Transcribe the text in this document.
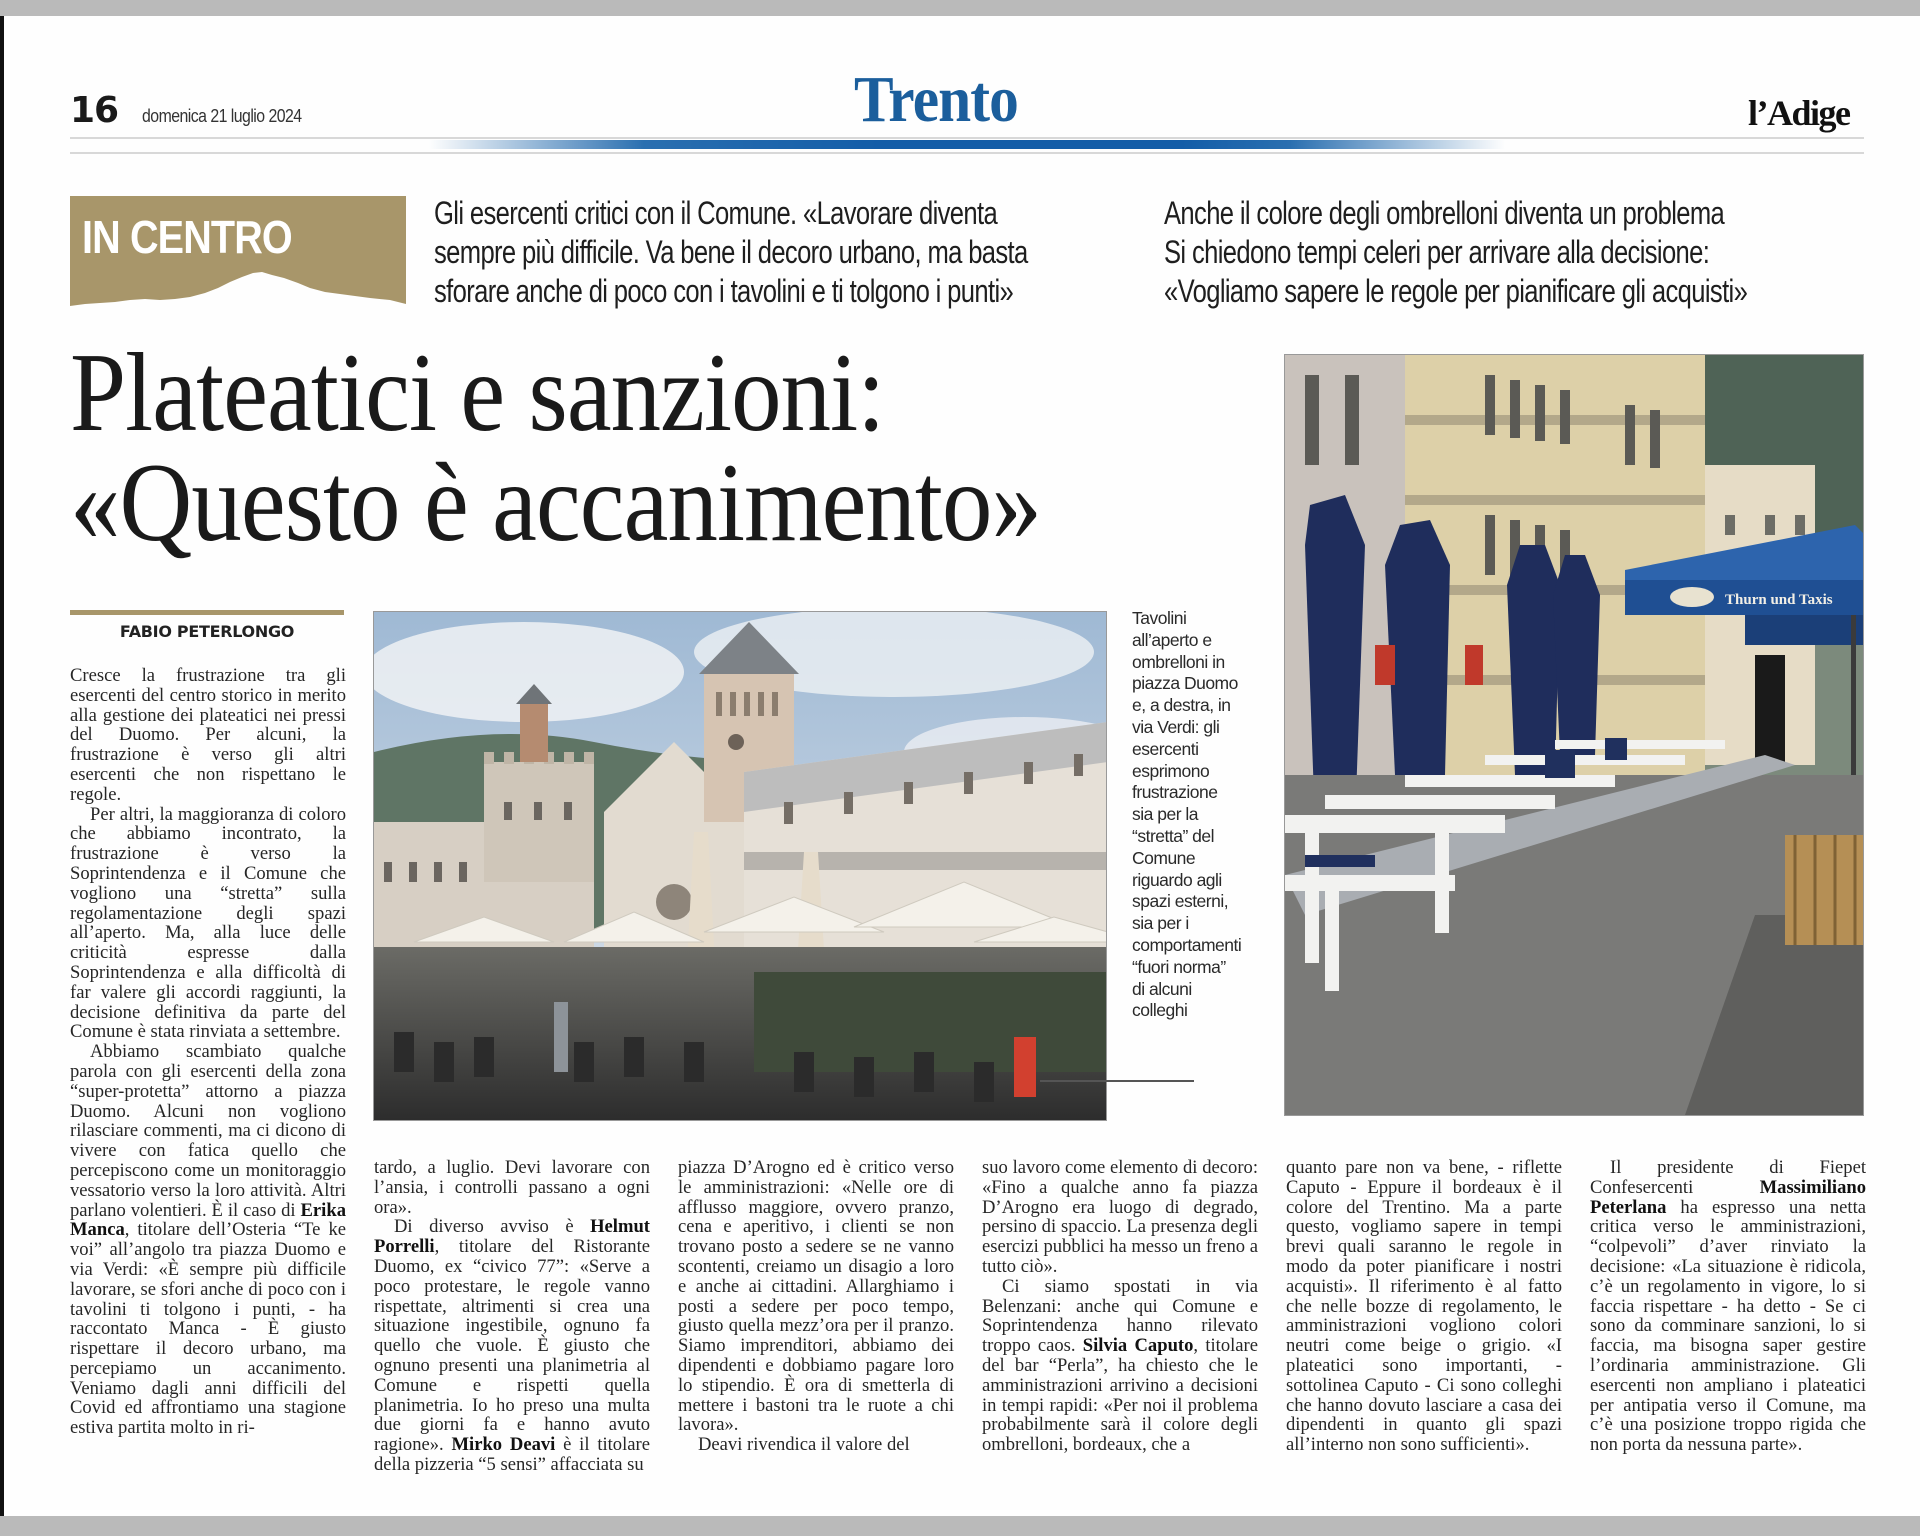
16 domenica 21 luglio 2024	Trento	l’Adige
IN CENTRO	Gli esercenti critici con il Comune. «Lavorare diventa
sempre più difficile. Va bene il decoro urbano, ma basta
sforare anche di poco con i tavolini e ti tolgono i punti»
Anche il colore degli ombrelloni diventa un problema
Si chiedono tempi celeri per arrivare alla decisione:
«Vogliamo sapere le regole per pianificare gli acquisti»
Plateatici e sanzioni:
«Questo è accanimento»
FABIO PETERLONGO

Cresce la frustrazione tra gli esercenti del centro storico in merito alla gestione dei plateatici nei pressi del Duomo. Per alcuni, la frustrazione è verso gli altri esercenti che non rispettano le regole.

Per altri, la maggioranza di coloro che abbiamo incontrato, la frustrazione è verso la Soprintendenza e il Comune che vogliono una “stretta” sulla regolamentazione degli spazi all’aperto. Ma, alla luce delle criticità espresse dalla Soprintendenza e alla difficoltà di far valere gli accordi raggiunti, la decisione definitiva da parte del Comune è stata rinviata a settembre.

Abbiamo scambiato qualche parola con gli esercenti della zona “super-protetta” attorno a piazza Duomo. Alcuni non vogliono rilasciare commenti, ma ci dicono di vivere con fatica quello che percepiscono come un monitoraggio vessatorio verso la loro attività. Altri parlano volentieri. È il caso di Erika Manca, titolare dell’Osteria “Te ke voi” all’angolo tra piazza Duomo e via Verdi: «È sempre più difficile lavorare, se sfori anche di poco con i tavolini ti tolgono i punti, - ha raccontato Manca - È giusto rispettare il decoro urbano, ma percepiamo un accanimento. Veniamo dagli anni difficili del Covid ed affrontiamo una stagione estiva partita molto in ri-

tardo, a luglio. Devi lavorare con l’ansia, i controlli passano a ogni ora».

Di diverso avviso è Helmut Porrelli, titolare del Ristorante Duomo, ex “civico 77”: «Serve a poco protestare, le regole vanno rispettate, altrimenti si crea una situazione ingestibile, ognuno fa quello che vuole. È giusto che ognuno presenti una planimetria al Comune e rispetti quella planimetria. Io ho preso una multa due giorni fa e hanno avuto ragione». Mirko Deavi è il titolare della pizzeria “5 sensi” affacciata su

piazza D’Arogno ed è critico verso le amministrazioni: «Nelle ore di afflusso maggiore, ovvero pranzo, cena e aperitivo, i clienti se non trovano posto a sedere se ne vanno scontenti, creiamo un disagio a loro e anche ai cittadini. Allarghiamo i posti a sedere per poco tempo, giusto quella mezz’ora per il pranzo. Siamo imprenditori, abbiamo dei dipendenti e dobbiamo pagare loro lo stipendio. È ora di smetterla di mettere i bastoni tra le ruote a chi lavora».

Deavi rivendica il valore del

suo lavoro come elemento di decoro: «Fino a qualche anno fa piazza D’Arogno era luogo di degrado, persino di spaccio. La presenza degli esercizi pubblici ha messo un freno a tutto ciò».

Ci siamo spostati in via Belenzani: anche qui Comune e Soprintendenza hanno rilevato troppo caos. Silvia Caputo, titolare del bar “Perla”, ha chiesto che le amministrazioni arrivino a decisioni in tempi rapidi: «Per noi il problema probabilmente sarà il colore degli ombrelloni, bordeaux, che a

quanto pare non va bene, - riflette Caputo - Eppure il bordeaux è il colore del Trentino. Ma a parte questo, vogliamo sapere in tempi brevi quali saranno le regole in modo da poter pianificare i nostri acquisti». Il riferimento è al fatto che nelle bozze di regolamento, le amministrazioni vogliono colori neutri come beige o grigio. «I plateatici sono importanti, - sottolinea Caputo - Ci sono colleghi che hanno dovuto lasciare a casa dei dipendenti in quanto gli spazi all’interno non sono sufficienti».

Il presidente di Fiepet Confesercenti Massimiliano Peterlana ha espresso una netta critica verso le amministrazioni, “colpevoli” d’aver rinviato la decisione: «La situazione è ridicola, c’è un regolamento in vigore, lo si faccia rispettare - ha detto - Se ci sono da comminare sanzioni, lo si faccia, ma bisogna saper gestire l’ordinaria amministrazione. Gli esercenti non ampliano i plateatici per antipatia verso il Comune, ma c’è una posizione troppo rigida che non porta da nessuna parte».

Tavolini all’aperto e ombrelloni in piazza Duomo e, a destra, in via Verdi: gli esercenti esprimono frustrazione sia per la “stretta” del Comune riguardo agli spazi esterni, sia per i comportamenti “fuori norma” di alcuni colleghi
Thurn und Taxis
